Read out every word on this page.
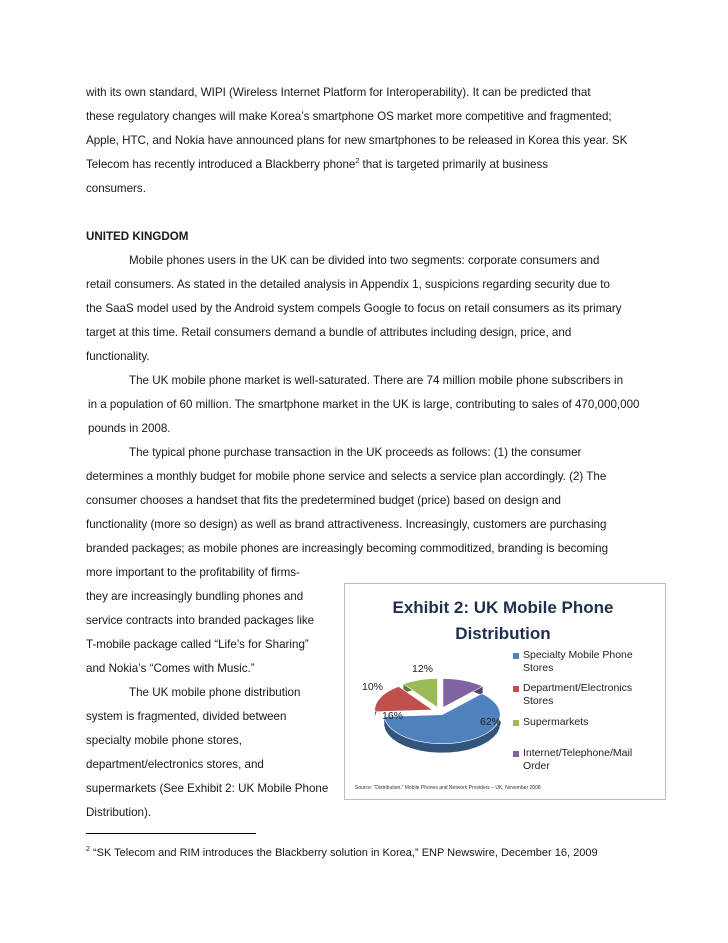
with its own standard, WIPI (Wireless Internet Platform for Interoperability). It can be predicted that
these regulatory changes will make Korea’s smartphone OS market more competitive and fragmented;
Apple, HTC, and Nokia have announced plans for new smartphones to be released in Korea this year. SK
Telecom has recently introduced a Blackberry phone$^2$ that is targeted primarily at business
consumers.
UNITED KINGDOM
Mobile phones users in the UK can be divided into two segments: corporate consumers and
retail consumers. As stated in the detailed analysis in Appendix 1, suspicions regarding security due to
the SaaS model used by the Android system compels Google to focus on retail consumers as its primary
target at this time. Retail consumers demand a bundle of attributes including design, price, and
functionality.
The UK mobile phone market is well-saturated. There are 74 million mobile phone subscribers in
in a population of 60 million. The smartphone market in the UK is large, contributing to sales of 470,000,000
pounds in 2008.
The typical phone purchase transaction in the UK proceeds as follows: (1) the consumer
determines a monthly budget for mobile phone service and selects a service plan accordingly. (2) The
consumer chooses a handset that fits the predetermined budget (price) based on design and
functionality (more so design) as well as brand attractiveness. Increasingly, customers are purchasing
branded packages; as mobile phones are increasingly becoming commoditized, branding is becoming
more important to the profitability of firms-
they are increasingly bundling phones and
service contracts into branded packages like
T-mobile package called “Life’s for Sharing”
and Nokia’s “Comes with Music.”
The UK mobile phone distribution
system is fragmented, divided between
specialty mobile phone stores,
department/electronics stores, and
supermarkets (See Exhibit 2: UK Mobile Phone
Distribution).
Exhibit 2: UK Mobile Phone
Distribution
12%
10%
16%	62%
Specialty Mobile Phone
Stores
Department/Electronics
Stores
Supermarkets
Internet/Telephone/Mail
Order
Source: “Distribution,” Mobile Phones and Network Providers – UK, November 2008
$^2$ “SK Telecom and RIM introduces the Blackberry solution in Korea,” ENP Newswire, December 16, 2009
